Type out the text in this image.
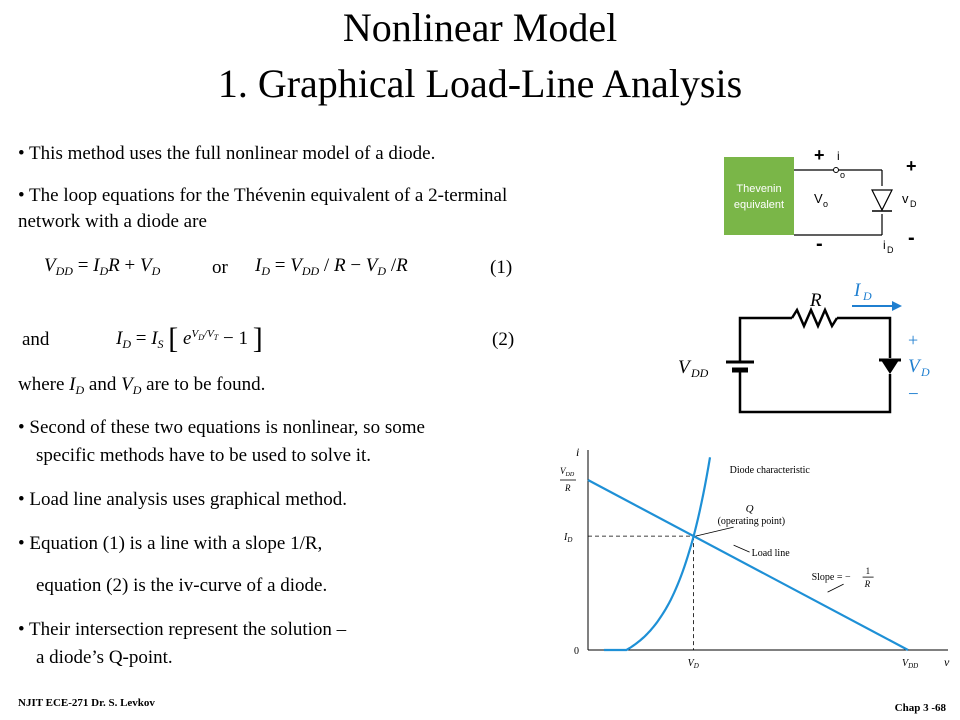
Nonlinear Model
1. Graphical Load-Line Analysis
• This method uses the full nonlinear model of a diode.
• The loop equations for the Thévenin equivalent of a 2-terminal
network with a diode are
$V_{DD} = I_DR + V_D$	or $I_D = V_{DD} / R - V_D$ /R	(1)
and	$I_D = I_S$ [ $e^{V_D/V_T} - 1$ ]	(2)
where $I_D$ and $V_D$ are to be found.
• Second of these two equations is nonlinear, so some
specific methods have to be used to solve it.
• Load line analysis uses graphical method.
• Equation (1) is a line with a slope 1/R,
equation (2) is the iv-curve of a diode.
• Their intersection represent the solution –
a diode’s Q-point.
Thevenin
equivalent
+
-
+
-
i
o
V o	v D
i D
R I D
V DD
+
V D
−
i
v
$V_{DD}$
R
$I_D$
0
$V_D$	$V_{DD}$
Diode characteristic
Q
(operating point)
Load line
Slope = −
1
R
NJIT ECE-271 Dr. S. Levkov	Chap 3 -68
